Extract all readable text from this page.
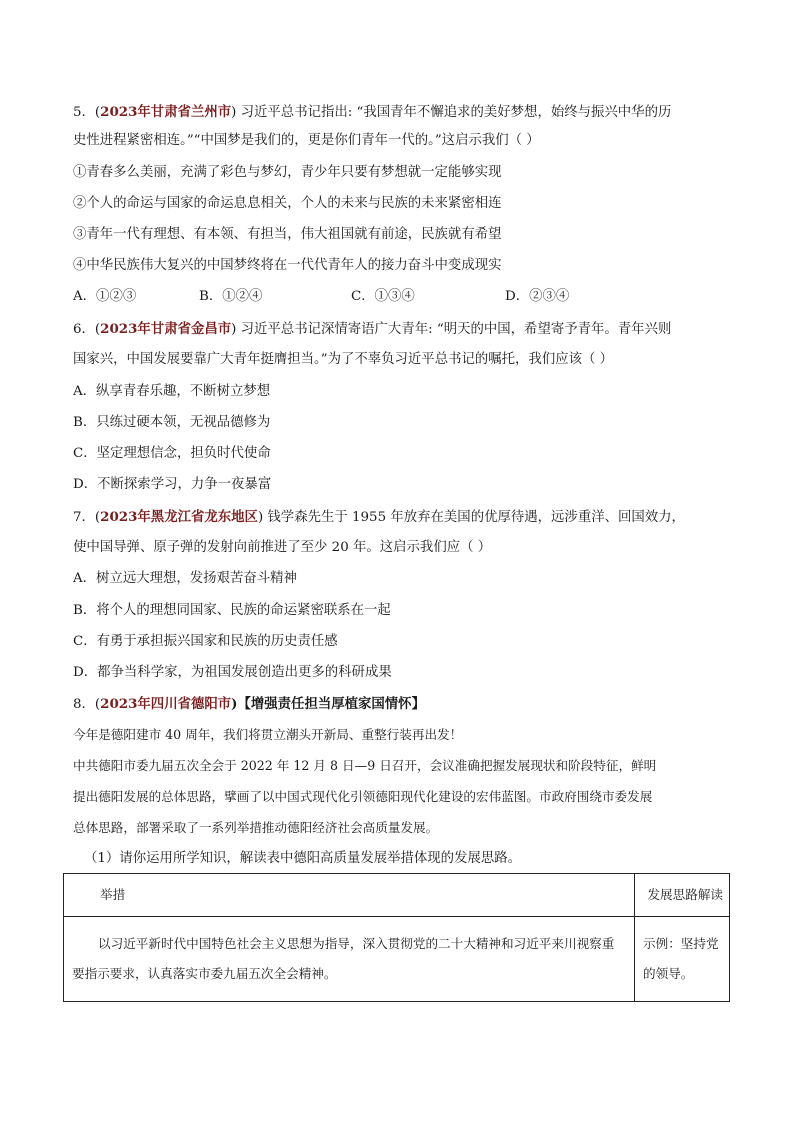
5．(2023年甘肃省兰州市) 习近平总书记指出: “我国青年不懈追求的美好梦想，始终与振兴中华的历
史性进程紧密相连。”“中国梦是我们的，更是你们青年一代的。”这启示我们（ ）
①青春多么美丽，充满了彩色与梦幻，青少年只要有梦想就一定能够实现
②个人的命运与国家的命运息息相关，个人的未来与民族的未来紧密相连
③青年一代有理想、有本领、有担当，伟大祖国就有前途，民族就有希望
④中华民族伟大复兴的中国梦终将在一代代青年人的接力奋斗中变成现实
A．①②③	B．①②④	C．①③④	D．②③④
6．(2023年甘肃省金昌市) 习近平总书记深情寄语广大青年: “明天的中国，希望寄予青年。青年兴则
国家兴，中国发展要靠广大青年挺膺担当。”为了不辜负习近平总书记的嘱托，我们应该（ ）
A．纵享青春乐趣，不断树立梦想
B．只练过硬本领，无视品德修为
C．坚定理想信念，担负时代使命
D．不断探索学习，力争一夜暴富
7．(2023年黑龙江省龙东地区) 钱学森先生于 1955 年放弃在美国的优厚待遇，远涉重洋、回国效力，
使中国导弹、原子弹的发射向前推进了至少 20 年。这启示我们应（ ）
A．树立远大理想，发扬艰苦奋斗精神
B．将个人的理想同国家、民族的命运紧密联系在一起
C．有勇于承担振兴国家和民族的历史责任感
D．都争当科学家，为祖国发展创造出更多的科研成果
8．(2023年四川省德阳市)【增强责任担当厚植家国情怀】
今年是德阳建市 40 周年，我们将贯立潮头开新局、重整行装再出发！
中共德阳市委九届五次全会于 2022 年 12 月 8 日—9 日召开，会议准确把握发展现状和阶段特征，鲜明
提出德阳发展的总体思路，擘画了以中国式现代化引领德阳现代化建设的宏伟蓝图。市政府围绕市委发展
总体思路，部署采取了一系列举措推动德阳经济社会高质量发展。
（1）请你运用所学知识，解读表中德阳高质量发展举措体现的发展思路。
举措	发展思路解读
以习近平新时代中国特色社会主义思想为指导，深入贯彻党的二十大精神和习近平来川视察重要指示要求，认真落实市委九届五次全会精神。	示例：坚持党的领导。
